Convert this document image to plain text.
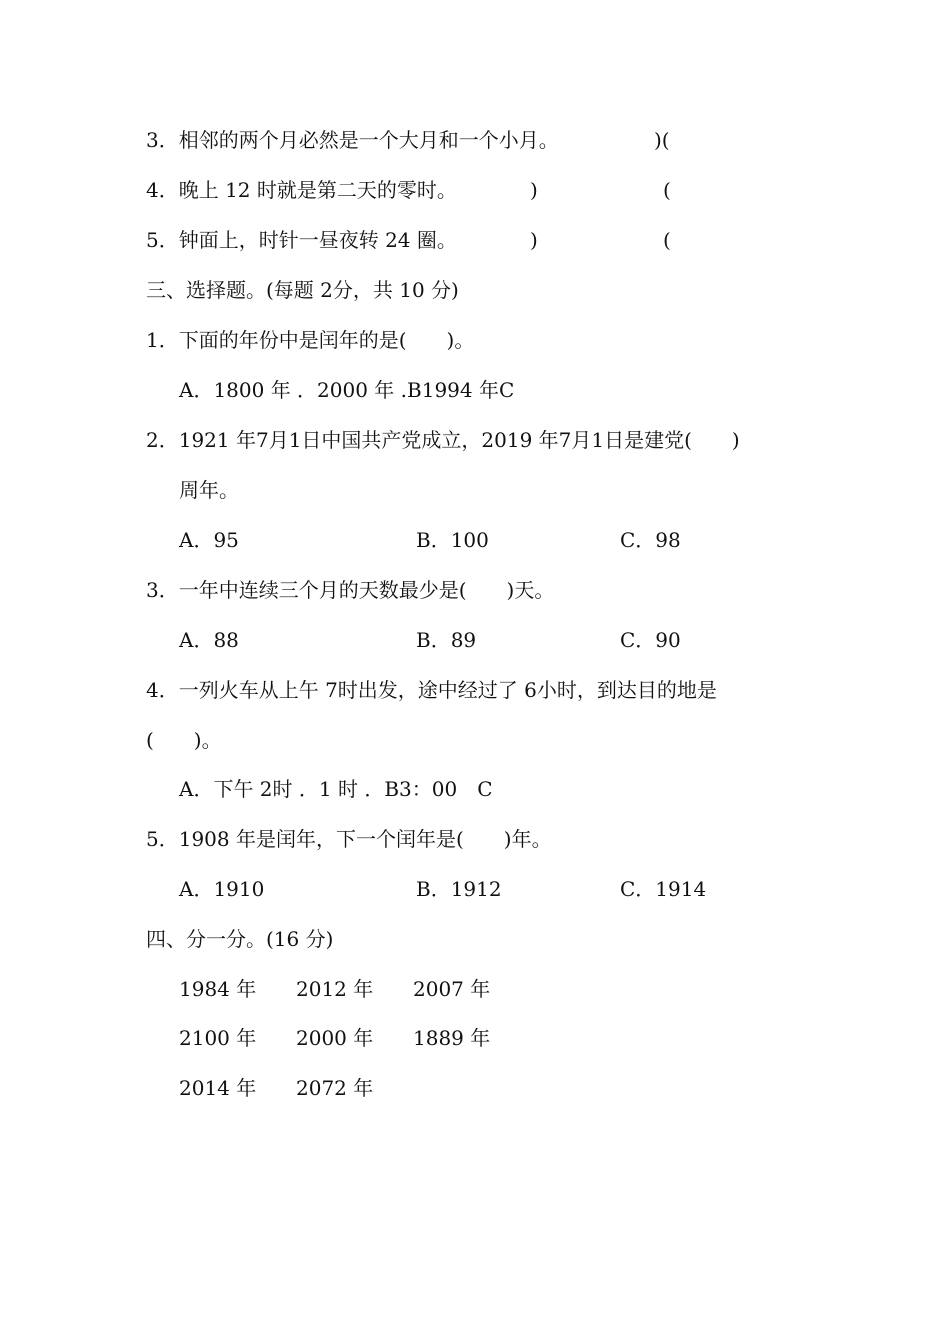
3．相邻的两个月必然是一个大月和一个小月。	)(
4．晚上 12 时就是第二天的零时。	)	(
5．钟面上，时针一昼夜转 24 圈。	)	(
三、选择题。(每题 2分，共 10 分)
1．下面的年份中是闰年的是(　　)。
A．1800 年 ．2000 年 .B1994 年C
2．1921 年7月1日中国共产党成立，2019 年7月1日是建党(　　)
周年。
A．95	B．100	C．98
3．一年中连续三个月的天数最少是(　　)天。
A．88	B．89	C．90
4．一列火车从上午 7时出发，途中经过了 6小时，到达目的地是
(　　)。
A．下午 2时 ．1 时 ．B3：00　C
5．1908 年是闰年，下一个闰年是(　　)年。
A．1910	B．1912	C．1914
四、分一分。(16 分)
1984 年 2012 年 2007 年
2100 年 2000 年 1889 年
2014 年 2072 年
